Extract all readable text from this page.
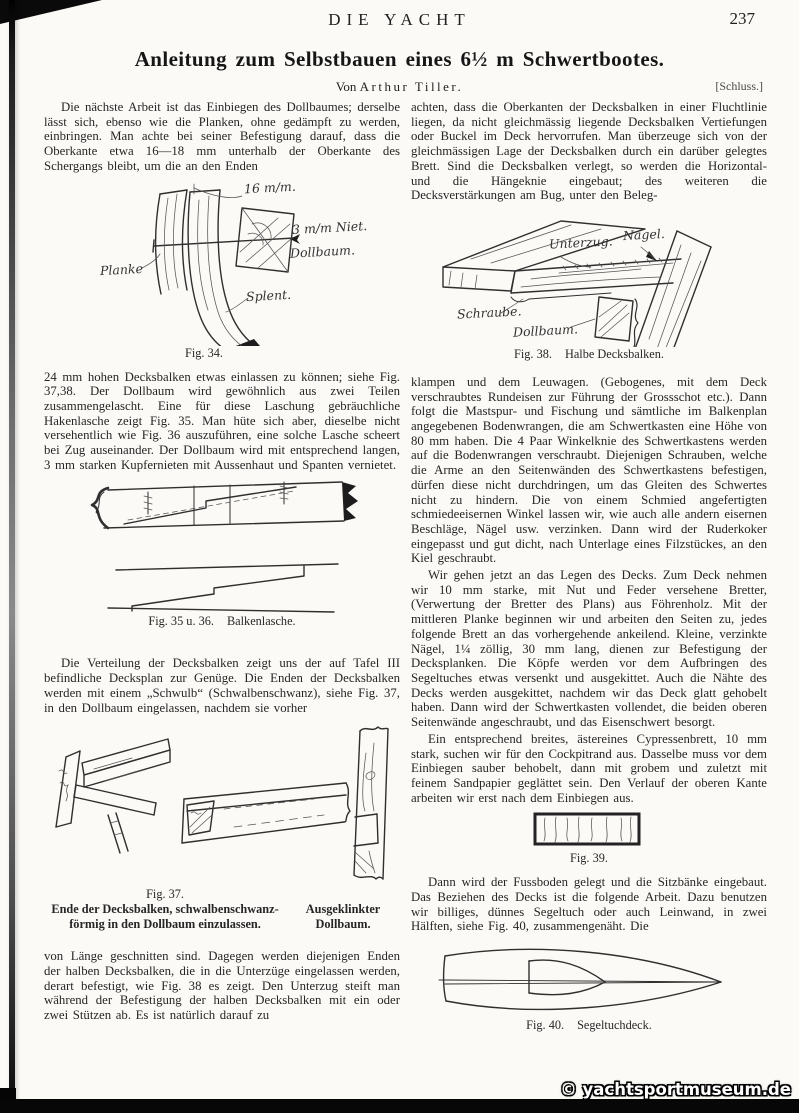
DIE YACHT	237
Anleitung zum Selbstbauen eines 6½ m Schwertbootes.
Von Arthur Tiller.	[Schluss.]

Die nächste Arbeit ist das Einbiegen des Dollbaumes; derselbe lässt sich, ebenso wie die Planken, ohne gedämpft zu werden, einbringen. Man achte bei seiner Befestigung darauf, dass die Oberkante etwa 16—18 mm unterhalb der Oberkante des Schergangs bleibt, um die an den Enden

16 m/m.
3 m/m Niet.
Dollbaum.
Planke
Splent.
Fig. 34.

24 mm hohen Decksbalken etwas einlassen zu können; siehe Fig. 37,38. Der Dollbaum wird gewöhnlich aus zwei Teilen zusammengelascht. Eine für diese Laschung gebräuchliche Hakenlasche zeigt Fig. 35. Man hüte sich aber, dieselbe nicht versehentlich wie Fig. 36 auszuführen, eine solche Lasche scheert bei Zug auseinander. Der Dollbaum wird mit entsprechend langen, 3 mm starken Kupfernieten mit Aussenhaut und Spanten vernietet.

Fig. 35 u. 36. Balkenlasche.

Die Verteilung der Decksbalken zeigt uns der auf Tafel III befindliche Decksplan zur Genüge. Die Enden der Decksbalken werden mit einem „Schwulb“ (Schwalbenschwanz), siehe Fig. 37, in den Dollbaum eingelassen, nachdem sie vorher

Fig. 37.
Ende der Decksbalken, schwalbenschwanz-
förmig in den Dollbaum einzulassen.
Ausgeklinkter
Dollbaum.

von Länge geschnitten sind. Dagegen werden diejenigen Enden der halben Decksbalken, die in die Unterzüge eingelassen werden, derart befestigt, wie Fig. 38 es zeigt. Den Unterzug steift man während der Befestigung der halben Decksbalken mit ein oder zwei Stützen ab. Es ist natürlich darauf zu

achten, dass die Oberkanten der Decksbalken in einer Fluchtlinie liegen, da nicht gleichmässig liegende Decksbalken Vertiefungen oder Buckel im Deck hervorrufen. Man überzeuge sich von der gleichmässigen Lage der Decksbalken durch ein darüber gelegtes Brett. Sind die Decksbalken verlegt, so werden die Horizontal- und die Hängeknie eingebaut; des weiteren die Decksverstärkungen am Bug, unter den Beleg-

Unterzug. Nagel.
Schraube.
Dollbaum.
Fig. 38. Halbe Decksbalken.

klampen und dem Leuwagen. (Gebogenes, mit dem Deck verschraubtes Rundeisen zur Führung der Grossschot etc.). Dann folgt die Mastspur- und Fischung und sämtliche im Balkenplan angegebenen Bodenwrangen, die am Schwertkasten eine Höhe von 80 mm haben. Die 4 Paar Winkelknie des Schwertkastens werden auf die Bodenwrangen verschraubt. Diejenigen Schrauben, welche die Arme an den Seitenwänden des Schwertkastens befestigen, dürfen diese nicht durchdringen, um das Gleiten des Schwertes nicht zu hindern. Die von einem Schmied angefertigten schmiedeeisernen Winkel lassen wir, wie auch alle andern eisernen Beschläge, Nägel usw. verzinken. Dann wird der Ruderkoker eingepasst und gut dicht, nach Unterlage eines Filzstückes, an den Kiel geschraubt.

Wir gehen jetzt an das Legen des Decks. Zum Deck nehmen wir 10 mm starke, mit Nut und Feder versehene Bretter, (Verwertung der Bretter des Plans) aus Föhrenholz. Mit der mittleren Planke beginnen wir und arbeiten den Seiten zu, jedes folgende Brett an das vorhergehende ankeilend. Kleine, verzinkte Nägel, 1¼ zöllig, 30 mm lang, dienen zur Befestigung der Decksplanken. Die Köpfe werden vor dem Aufbringen des Segeltuches etwas versenkt und ausgekittet. Auch die Nähte des Decks werden ausgekittet, nachdem wir das Deck glatt gehobelt haben. Dann wird der Schwertkasten vollendet, die beiden oberen Seitenwände angeschraubt, und das Eisenschwert besorgt.

Ein entsprechend breites, ästereines Cypressenbrett, 10 mm stark, suchen wir für den Cockpitrand aus. Dasselbe muss vor dem Einbiegen sauber behobelt, dann mit grobem und zuletzt mit feinem Sandpapier geglättet sein. Den Verlauf der oberen Kante arbeiten wir erst nach dem Einbiegen aus.

Fig. 39.

Dann wird der Fussboden gelegt und die Sitzbänke eingebaut. Das Beziehen des Decks ist die folgende Arbeit. Dazu benutzen wir billiges, dünnes Segeltuch oder auch Leinwand, in zwei Hälften, siehe Fig. 40, zusammengenäht. Die

Fig. 40. Segeltuchdeck.
© yachtsportmuseum.de
